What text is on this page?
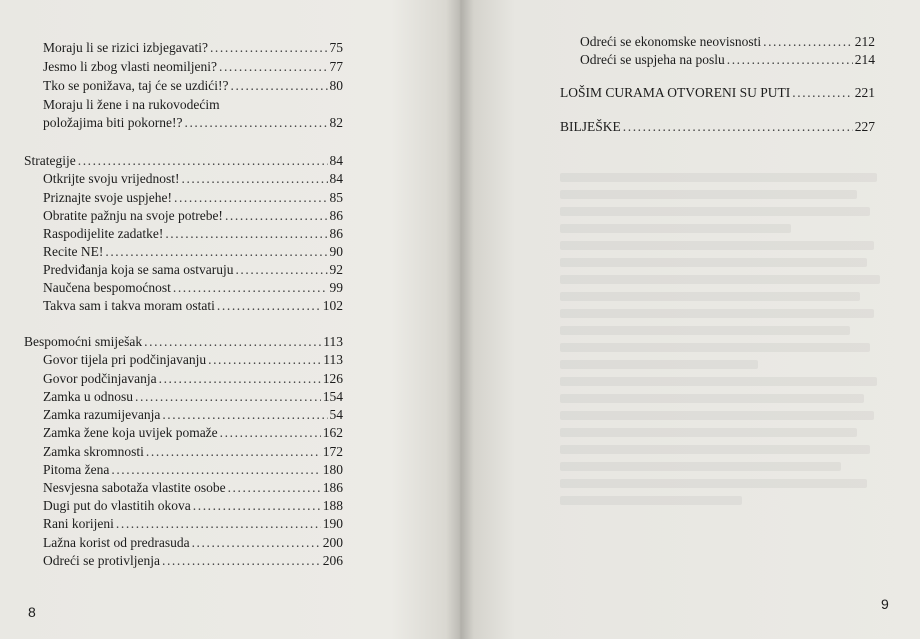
Moraju li se rizici izbjegavati? .....	75
Jesmo li zbog vlasti neomiljeni? .....	77
Tko se ponižava, taj će se uzdići!? .....	80
Moraju li žene i na rukovodećim
položajima biti pokorne!? .....	82
Strategije .....	84
Otkrijte svoju vrijednost! .....	84
Priznajte svoje uspjehe! .....	85
Obratite pažnju na svoje potrebe! .....	86
Raspodijelite zadatke! .....	86
Recite NE! .....	90
Predviđanja koja se sama ostvaruju .....	92
Naučena bespomoćnost .....	99
Takva sam i takva moram ostati .....	102
Bespomoćni smiješak .....	113
Govor tijela pri podčinjavanju .....	113
Govor podčinjavanja .....	126
Zamka u odnosu .....	154
Zamka razumijevanja .....	54
Zamka žene koja uvijek pomaže .....	162
Zamka skromnosti .....	172
Pitoma žena .....	180
Nesvjesna sabotaža vlastite osobe .....	186
Dugi put do vlastitih okova .....	188
Rani korijeni .....	190
Lažna korist od predrasuda .....	200
Odreći se protivljenja .....	206
8
Odreći se ekonomske neovisnosti .....	212
Odreći se uspjeha na poslu .....	214
LOŠIM CURAMA OTVORENI SU PUTI .....	221
BILJEŠKE .....	227
9
